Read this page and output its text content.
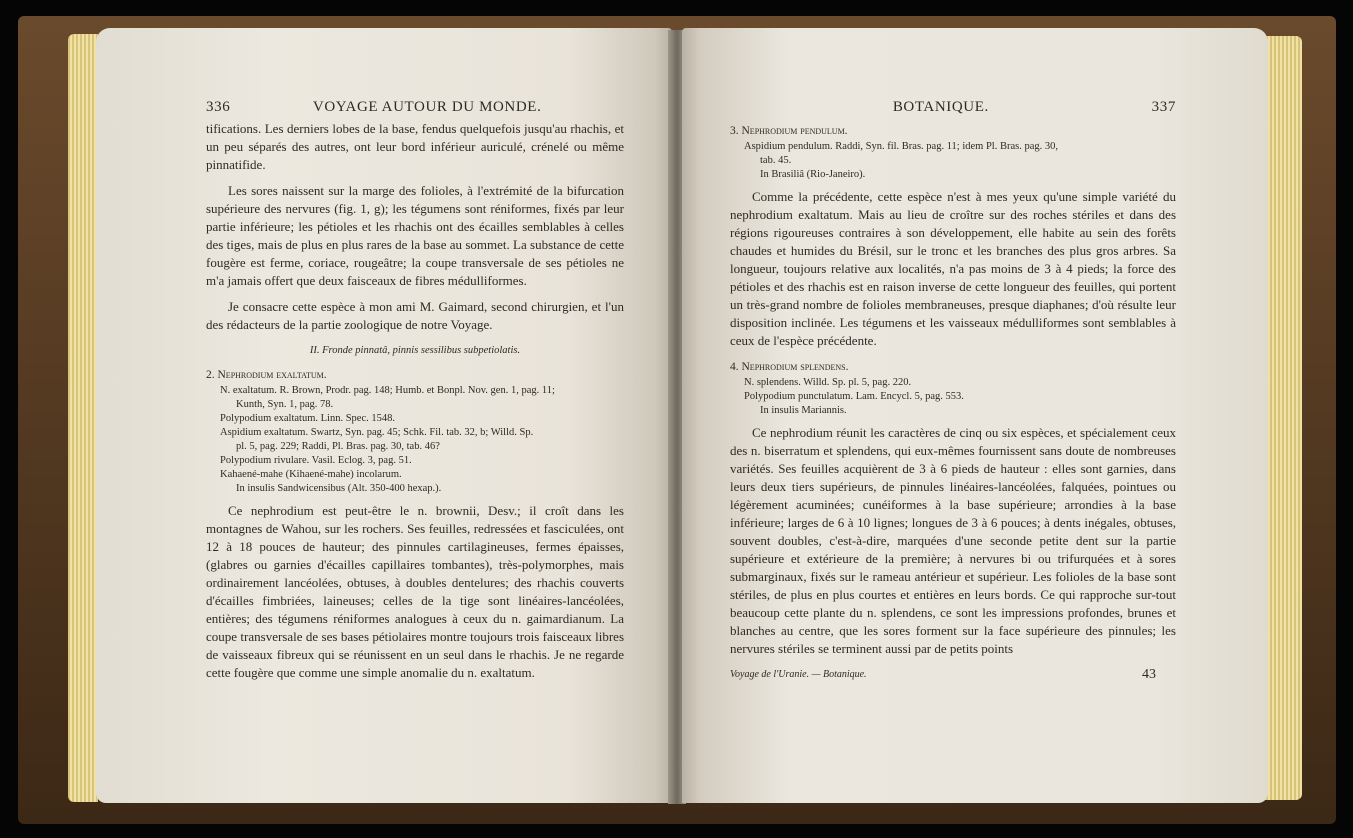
336	VOYAGE AUTOUR DU MONDE.

tifications. Les derniers lobes de la base, fendus quelquefois jusqu'au rhachis, et un peu séparés des autres, ont leur bord inférieur auriculé, crénelé ou même pinnatifide.

Les sores naissent sur la marge des folioles, à l'extrémité de la bifurcation supérieure des nervures (fig. 1, g); les tégumens sont réniformes, fixés par leur partie inférieure; les pétioles et les rhachis ont des écailles semblables à celles des tiges, mais de plus en plus rares de la base au sommet. La substance de cette fougère est ferme, coriace, rougeâtre; la coupe transversale de ses pétioles ne m'a jamais offert que deux faisceaux de fibres médulliformes.

Je consacre cette espèce à mon ami M. Gaimard, second chirurgien, et l'un des rédacteurs de la partie zoologique de notre Voyage.

II. Fronde pinnatâ, pinnis sessilibus subpetiolatis.
2. Nephrodium exaltatum.
N. exaltatum. R. Brown, Prodr. pag. 148; Humb. et Bonpl. Nov. gen. 1, pag. 11;
Kunth, Syn. 1, pag. 78.
Polypodium exaltatum. Linn. Spec. 1548.
Aspidium exaltatum. Swartz, Syn. pag. 45; Schk. Fil. tab. 32, b; Willd. Sp.
pl. 5, pag. 229; Raddi, Pl. Bras. pag. 30, tab. 46?
Polypodium rivulare. Vasil. Eclog. 3, pag. 51.
Kahaené-mahe (Kihaené-mahe) incolarum.
In insulis Sandwicensibus (Alt. 350-400 hexap.).

Ce nephrodium est peut-être le n. brownii, Desv.; il croît dans les montagnes de Wahou, sur les rochers. Ses feuilles, redressées et fasciculées, ont 12 à 18 pouces de hauteur; des pinnules cartilagineuses, fermes épaisses, (glabres ou garnies d'écailles capillaires tombantes), très-polymorphes, mais ordinairement lancéolées, obtuses, à doubles dentelures; des rhachis couverts d'écailles fimbriées, laineuses; celles de la tige sont linéaires-lancéolées, entières; des tégumens réniformes analogues à ceux du n. gaimardianum. La coupe transversale de ses bases pétiolaires montre toujours trois faisceaux libres de vaisseaux fibreux qui se réunissent en un seul dans le rhachis. Je ne regarde cette fougère que comme une simple anomalie du n. exaltatum.

BOTANIQUE.	337
3. Nephrodium pendulum.
Aspidium pendulum. Raddi, Syn. fil. Bras. pag. 11; idem Pl. Bras. pag. 30,
tab. 45.
In Brasiliâ (Rio-Janeiro).

Comme la précédente, cette espèce n'est à mes yeux qu'une simple variété du nephrodium exaltatum. Mais au lieu de croître sur des roches stériles et dans des régions rigoureuses contraires à son développement, elle habite au sein des forêts chaudes et humides du Brésil, sur le tronc et les branches des plus gros arbres. Sa longueur, toujours relative aux localités, n'a pas moins de 3 à 4 pieds; la force des pétioles et des rhachis est en raison inverse de cette longueur des feuilles, qui portent un très-grand nombre de folioles membraneuses, presque diaphanes; d'où résulte leur disposition inclinée. Les tégumens et les vaisseaux médulliformes sont semblables à ceux de l'espèce précédente.

4. Nephrodium splendens.
N. splendens. Willd. Sp. pl. 5, pag. 220.
Polypodium punctulatum. Lam. Encycl. 5, pag. 553.
In insulis Mariannis.

Ce nephrodium réunit les caractères de cinq ou six espèces, et spécialement ceux des n. biserratum et splendens, qui eux-mêmes fournissent sans doute de nombreuses variétés. Ses feuilles acquièrent de 3 à 6 pieds de hauteur : elles sont garnies, dans leurs deux tiers supérieurs, de pinnules linéaires-lancéolées, falquées, pointues ou légèrement acuminées; cunéiformes à la base supérieure; arrondies à la base inférieure; larges de 6 à 10 lignes; longues de 3 à 6 pouces; à dents inégales, obtuses, souvent doubles, c'est-à-dire, marquées d'une seconde petite dent sur la partie supérieure et extérieure de la première; à nervures bi ou trifurquées et à sores submarginaux, fixés sur le rameau antérieur et supérieur. Les folioles de la base sont stériles, de plus en plus courtes et entières en leurs bords. Ce qui rapproche sur-tout beaucoup cette plante du n. splendens, ce sont les impressions profondes, brunes et blanches au centre, que les sores forment sur la face supérieure des pinnules; les nervures stériles se terminent aussi par de petits points

Voyage de l'Uranie. — Botanique.	43
